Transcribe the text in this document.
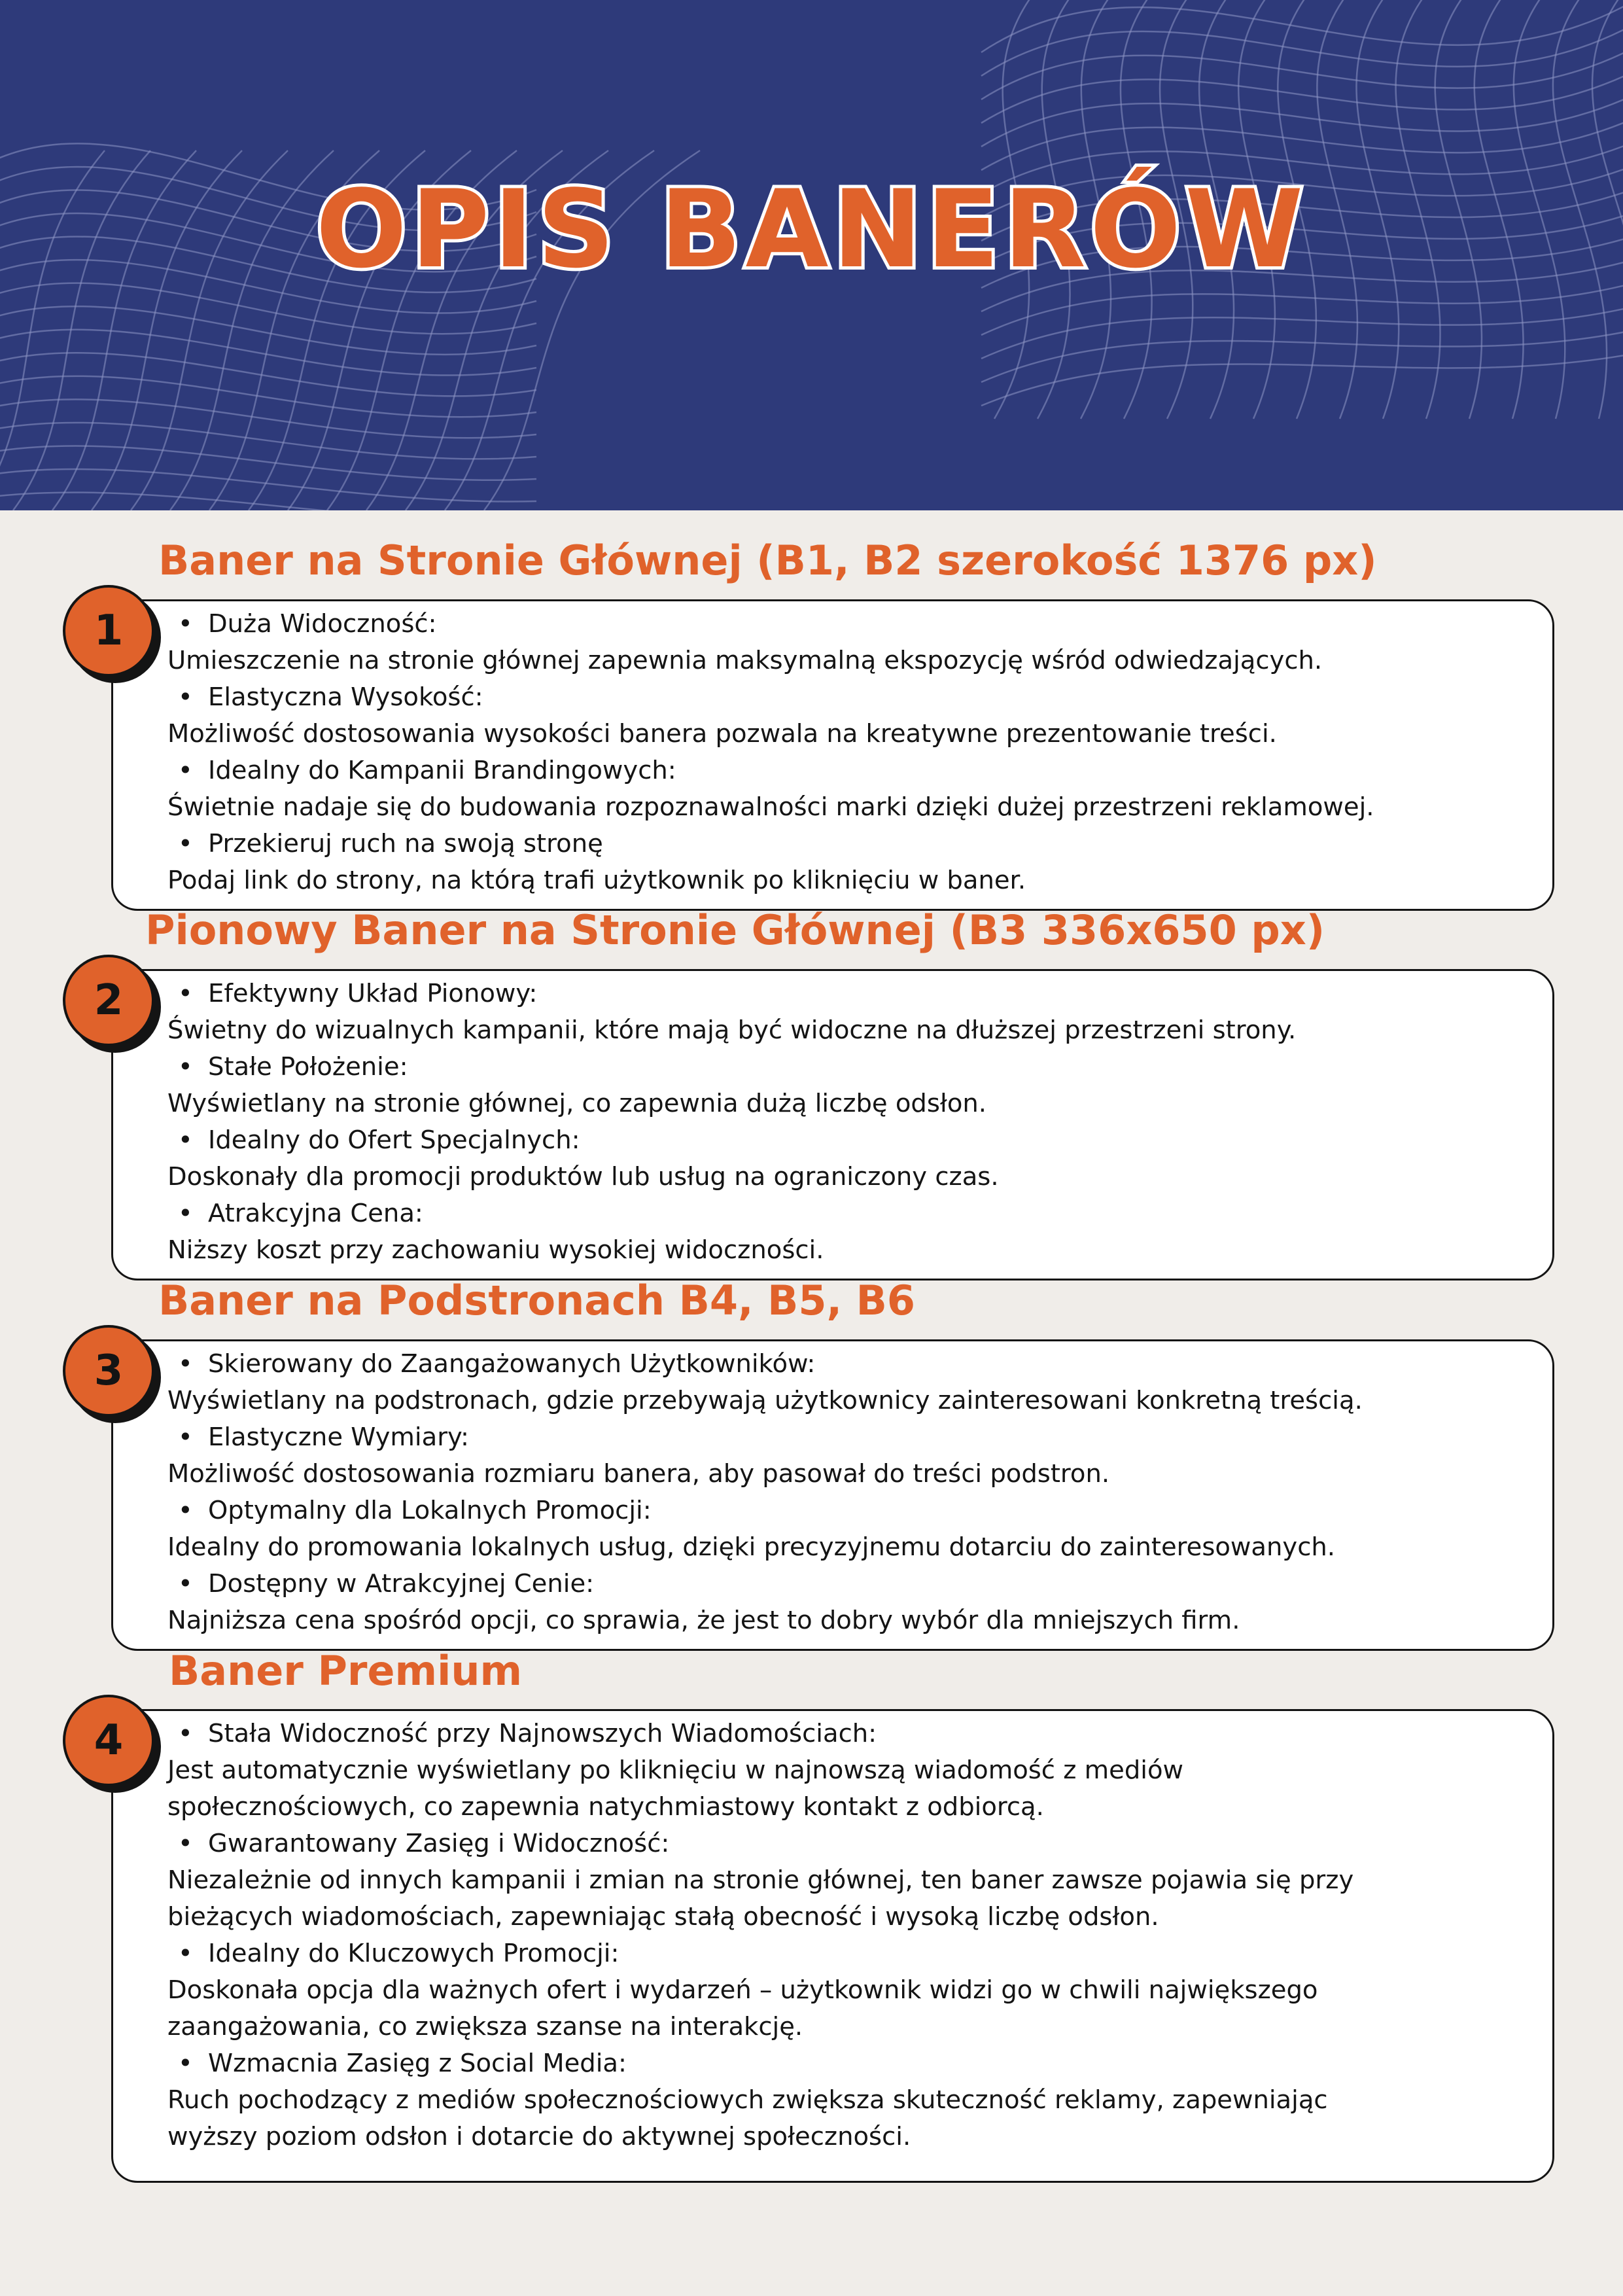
OPIS BANERÓW
Baner na Stronie Głównej (B1, B2 szerokość 1376 px)
1	• Duża Widoczność:

Umieszczenie na stronie głównej zapewnia maksymalną ekspozycję wśród odwiedzających.

• Elastyczna Wysokość:

Możliwość dostosowania wysokości banera pozwala na kreatywne prezentowanie treści.

• Idealny do Kampanii Brandingowych:

Świetnie nadaje się do budowania rozpoznawalności marki dzięki dużej przestrzeni reklamowej.

• Przekieruj ruch na swoją stronę

Podaj link do strony, na którą trafi użytkownik po kliknięciu w baner.

Pionowy Baner na Stronie Głównej (B3 336x650 px)
2	• Efektywny Układ Pionowy:

Świetny do wizualnych kampanii, które mają być widoczne na dłuższej przestrzeni strony.

• Stałe Położenie:

Wyświetlany na stronie głównej, co zapewnia dużą liczbę odsłon.

• Idealny do Ofert Specjalnych:

Doskonały dla promocji produktów lub usług na ograniczony czas.

• Atrakcyjna Cena:

Niższy koszt przy zachowaniu wysokiej widoczności.

Baner na Podstronach B4, B5, B6
3	• Skierowany do Zaangażowanych Użytkowników:

Wyświetlany na podstronach, gdzie przebywają użytkownicy zainteresowani konkretną treścią.

• Elastyczne Wymiary:

Możliwość dostosowania rozmiaru banera, aby pasował do treści podstron.

• Optymalny dla Lokalnych Promocji:

Idealny do promowania lokalnych usług, dzięki precyzyjnemu dotarciu do zainteresowanych.

• Dostępny w Atrakcyjnej Cenie:

Najniższa cena spośród opcji, co sprawia, że jest to dobry wybór dla mniejszych firm.

Baner Premium
4	• Stała Widoczność przy Najnowszych Wiadomościach:

Jest automatycznie wyświetlany po kliknięciu w najnowszą wiadomość z mediów

społecznościowych, co zapewnia natychmiastowy kontakt z odbiorcą.

• Gwarantowany Zasięg i Widoczność:

Niezależnie od innych kampanii i zmian na stronie głównej, ten baner zawsze pojawia się przy

bieżących wiadomościach, zapewniając stałą obecność i wysoką liczbę odsłon.

• Idealny do Kluczowych Promocji:

Doskonała opcja dla ważnych ofert i wydarzeń – użytkownik widzi go w chwili największego

zaangażowania, co zwiększa szanse na interakcję.

• Wzmacnia Zasięg z Social Media:

Ruch pochodzący z mediów społecznościowych zwiększa skuteczność reklamy, zapewniając

wyższy poziom odsłon i dotarcie do aktywnej społeczności.
